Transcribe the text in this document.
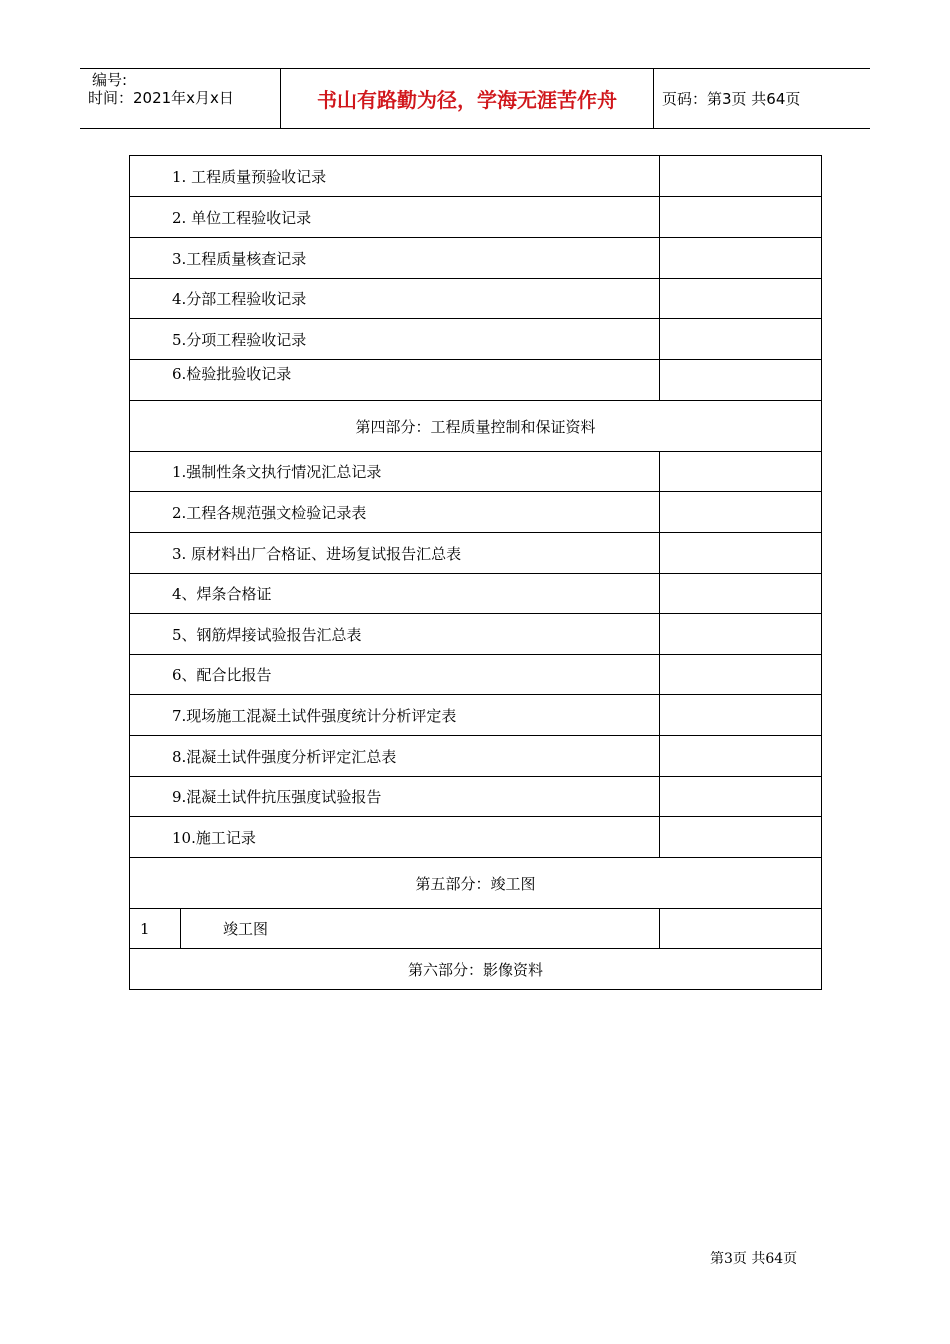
编号:
时间：2021年x月x日	书山有路勤为径，学海无涯苦作舟	页码：第3页 共64页
1. 工程质量预验收记录		
2. 单位工程验收记录		
3.工程质量核查记录		
4.分部工程验收记录		
5.分项工程验收记录		
6.检验批验收记录		
第四部分：工程质量控制和保证资料		
1.强制性条文执行情况汇总记录		
2.工程各规范强文检验记录表		
3. 原材料出厂合格证、进场复试报告汇总表		
4、焊条合格证		
5、钢筋焊接试验报告汇总表		
6、配合比报告		
7.现场施工混凝土试件强度统计分析评定表		
8.混凝土试件强度分析评定汇总表		
9.混凝土试件抗压强度试验报告		
10.施工记录		
第五部分：竣工图		
1	竣工图	
第六部分：影像资料		
第3页 共64页
